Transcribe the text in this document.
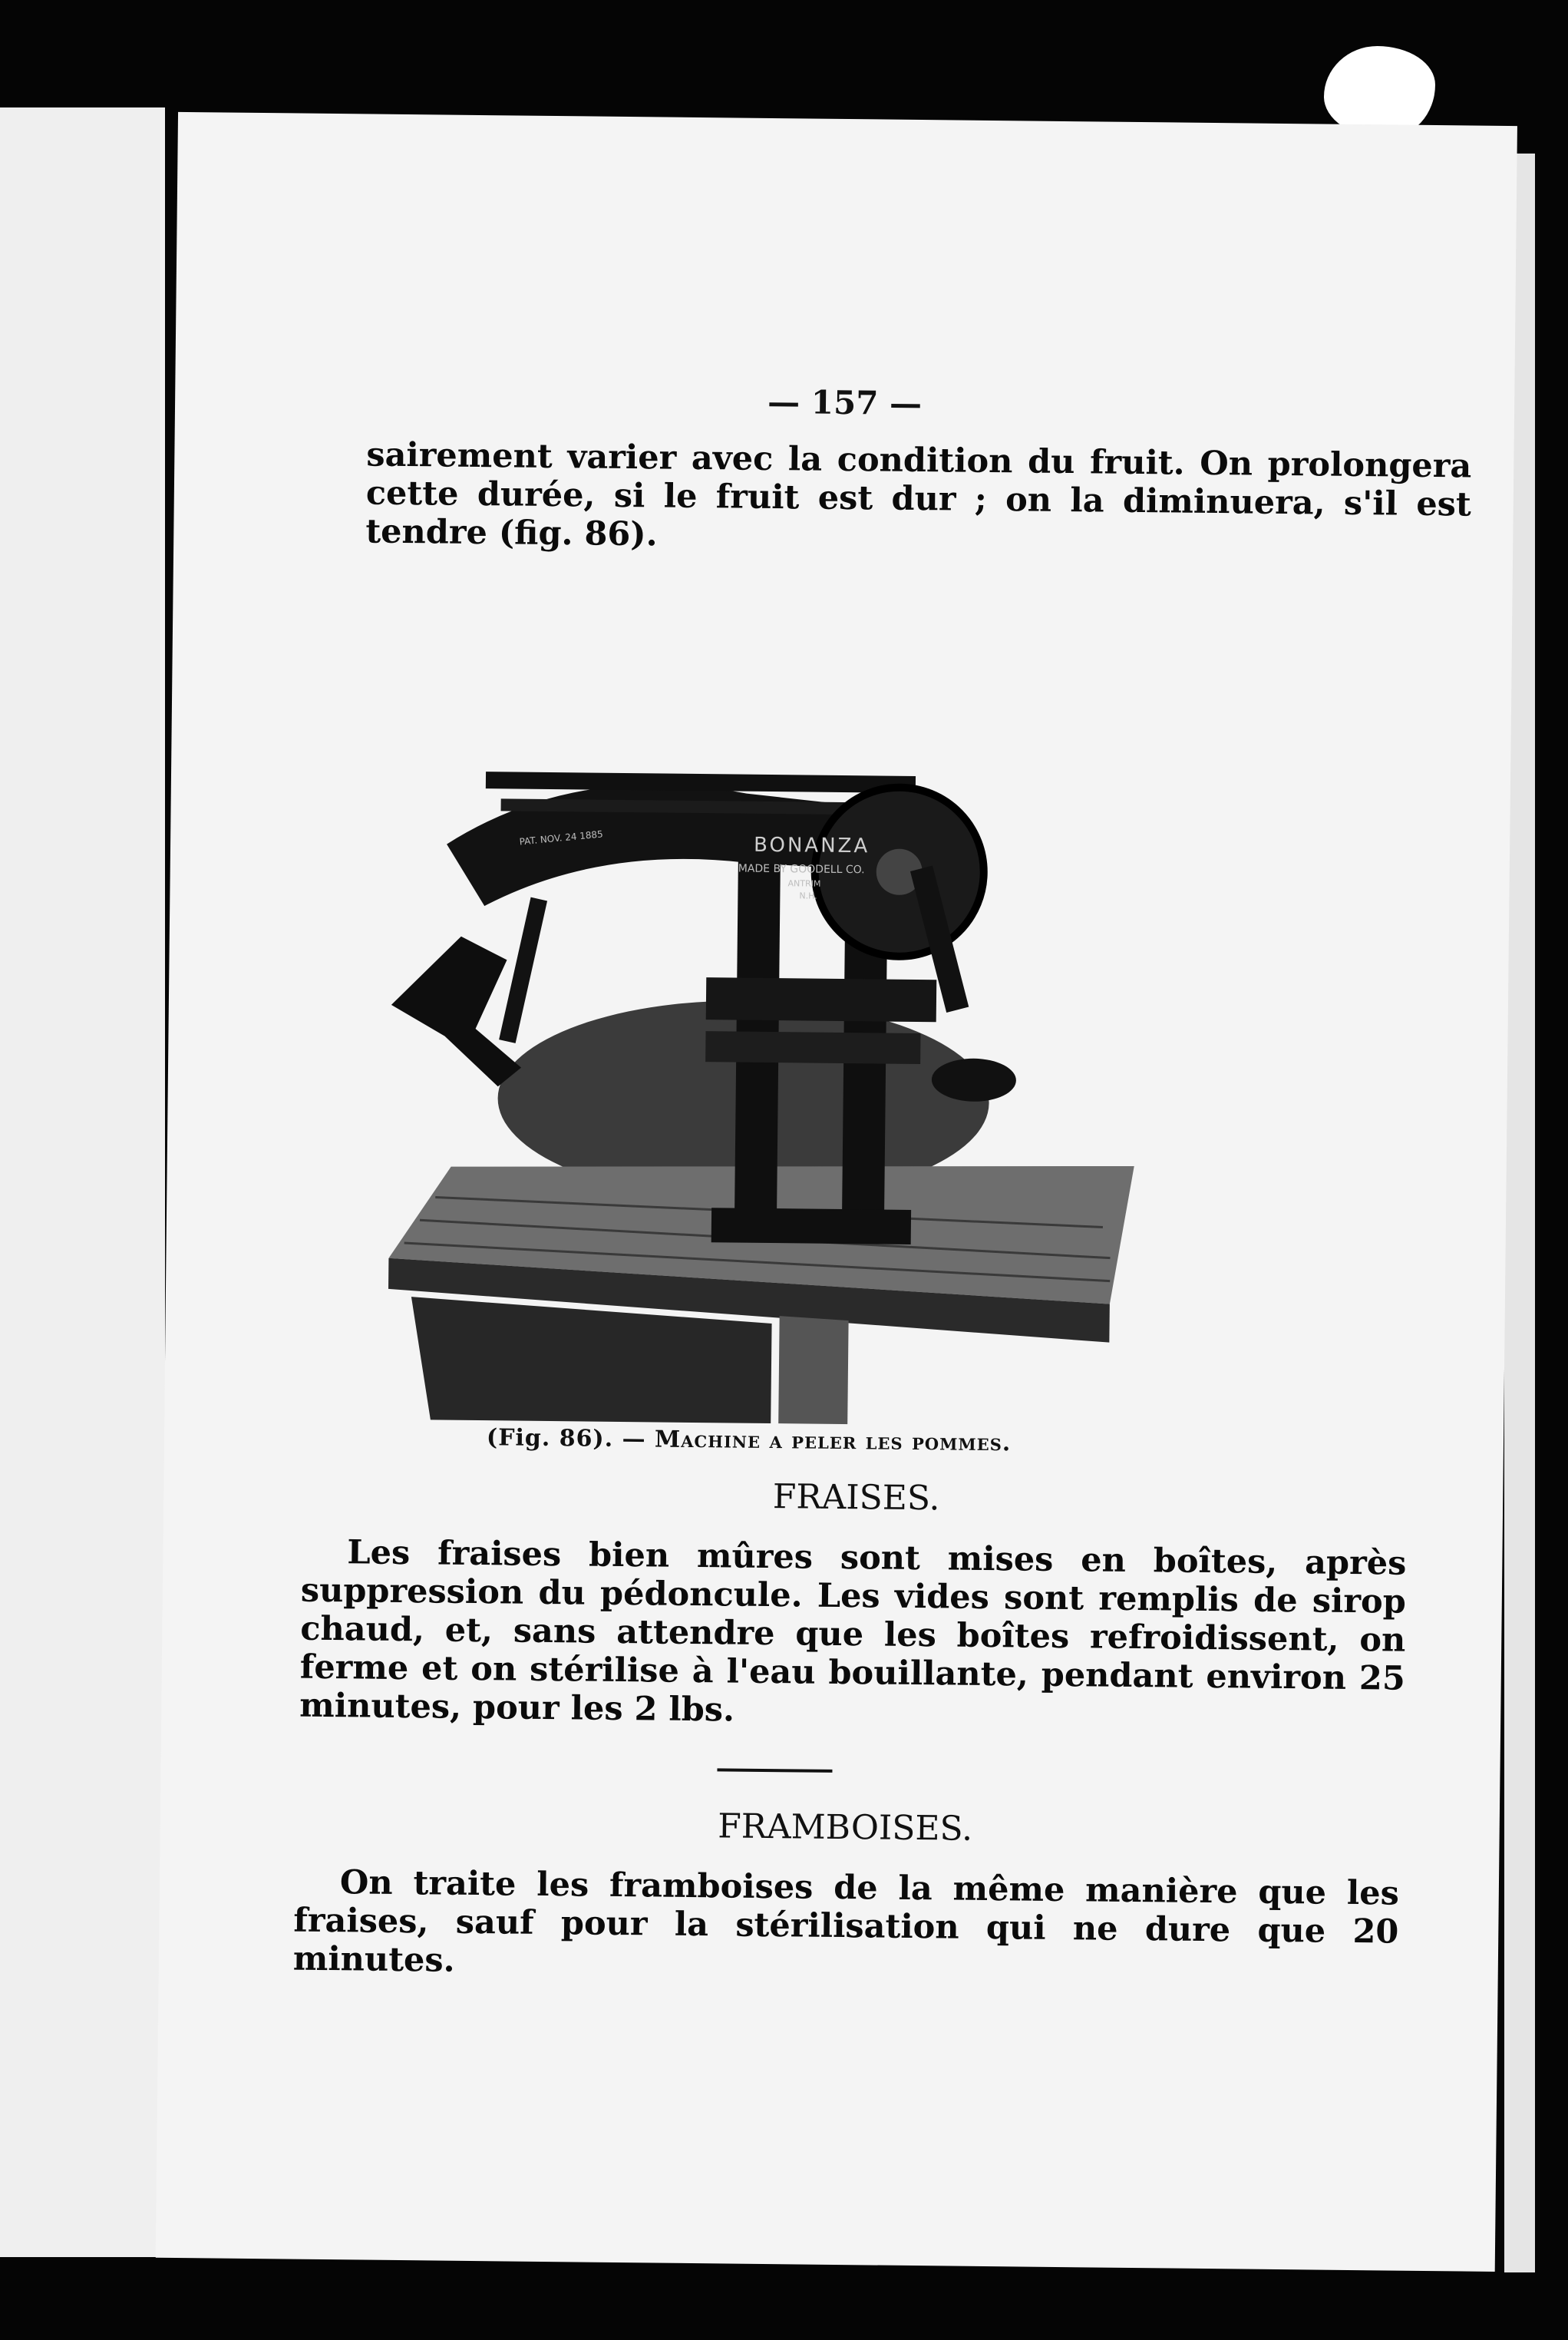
— 157 —
sairement varier avec la condition du fruit. On prolongera cette durée, si le fruit est dur ; on la diminuera, s'il est tendre (fig. 86).
BONANZA
MADE BY GOODELL CO.
ANTRIM
N.H.
PAT. NOV. 24 1885
(Fig. 86). — Machine a peler les pommes.
FRAISES.
Les fraises bien mûres sont mises en boîtes, après suppression du pédoncule. Les vides sont remplis de sirop chaud, et, sans attendre que les boîtes refroidissent, on ferme et on stérilise à l'eau bouillante, pendant environ 25 minutes, pour les 2 lbs.
FRAMBOISES.
On traite les framboises de la même manière que les fraises, sauf pour la stérilisation qui ne dure que 20 minutes.
